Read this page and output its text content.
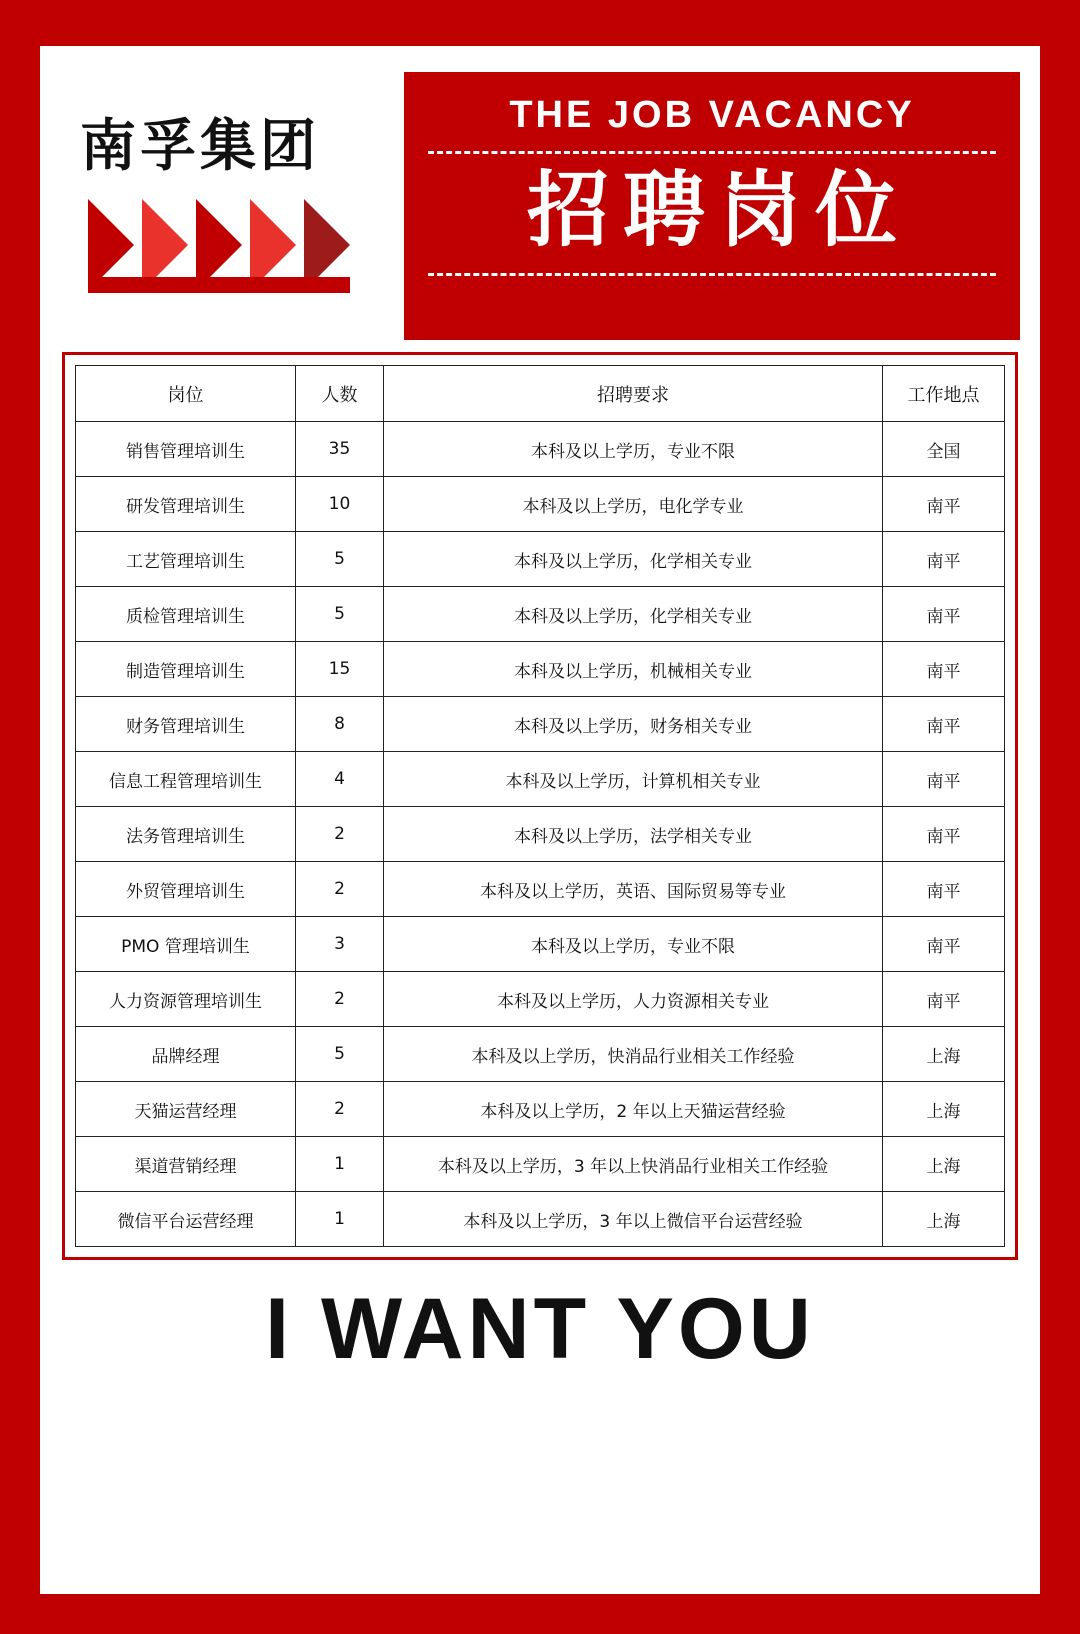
南孚集团	THE JOB VACANCY
招聘岗位
岗位	人数	招聘要求	工作地点
销售管理培训生	35	本科及以上学历，专业不限	全国
研发管理培训生	10	本科及以上学历，电化学专业	南平
工艺管理培训生	5	本科及以上学历，化学相关专业	南平
质检管理培训生	5	本科及以上学历，化学相关专业	南平
制造管理培训生	15	本科及以上学历，机械相关专业	南平
财务管理培训生	8	本科及以上学历，财务相关专业	南平
信息工程管理培训生	4	本科及以上学历，计算机相关专业	南平
法务管理培训生	2	本科及以上学历，法学相关专业	南平
外贸管理培训生	2	本科及以上学历，英语、国际贸易等专业	南平
PMO 管理培训生	3	本科及以上学历，专业不限	南平
人力资源管理培训生	2	本科及以上学历，人力资源相关专业	南平
品牌经理	5	本科及以上学历，快消品行业相关工作经验	上海
天猫运营经理	2	本科及以上学历，2 年以上天猫运营经验	上海
渠道营销经理	1	本科及以上学历，3 年以上快消品行业相关工作经验	上海
微信平台运营经理	1	本科及以上学历，3 年以上微信平台运营经验	上海
I WANT YOU
